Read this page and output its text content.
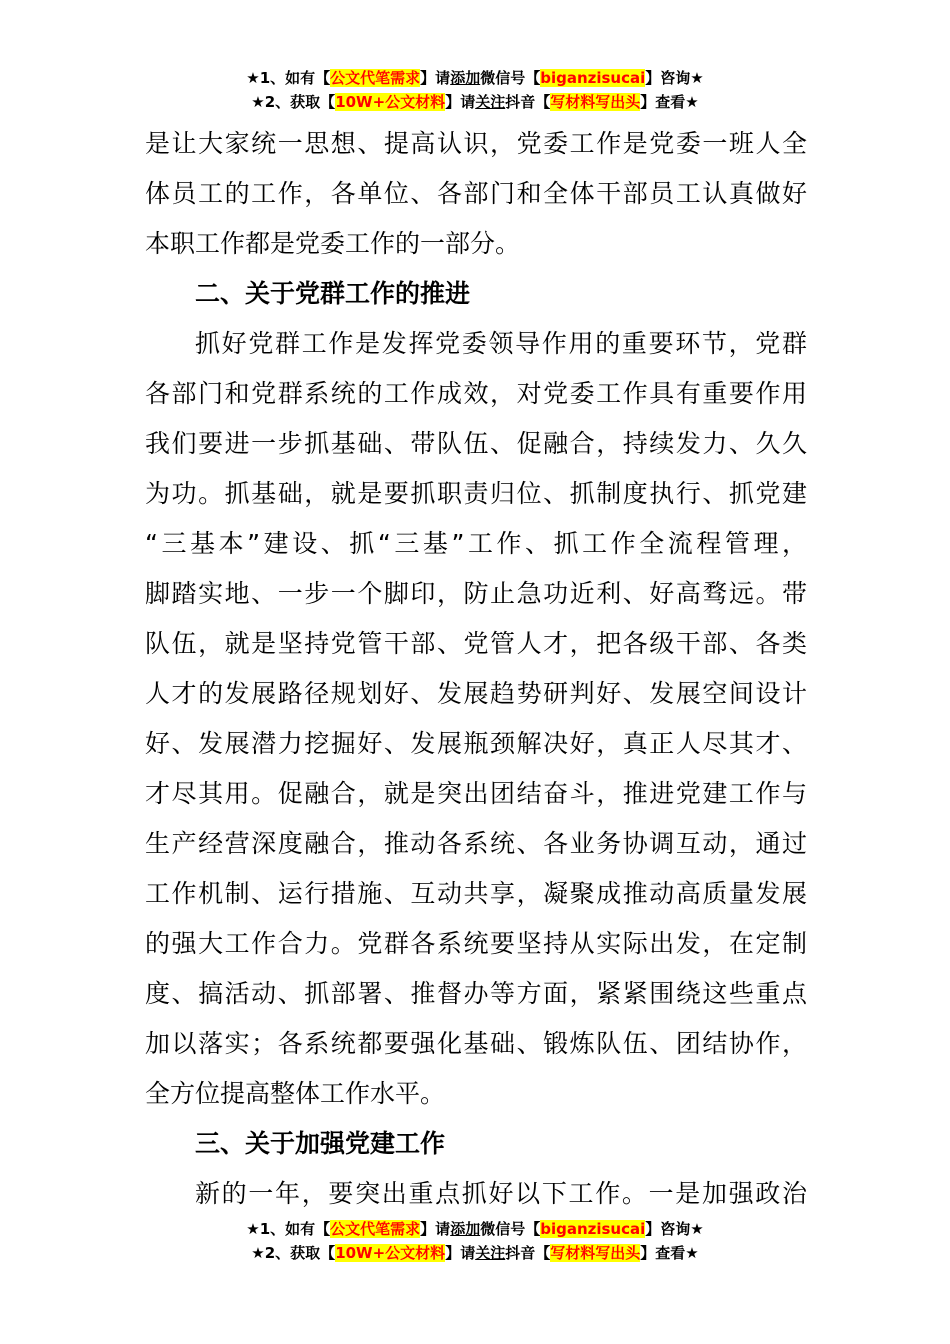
★1、如有【公文代笔需求】请添加微信号【biganzisucai】咨询★
★2、获取【10W+公文材料】请关注抖音【写材料写出头】查看★
是让大家统一思想、提高认识，党委工作是党委一班人全
体员工的工作，各单位、各部门和全体干部员工认真做好
本职工作都是党委工作的一部分。
二、关于党群工作的推进
抓好党群工作是发挥党委领导作用的重要环节，党群
各部门和党群系统的工作成效，对党委工作具有重要作用
我们要进一步抓基础、带队伍、促融合，持续发力、久久
为功。抓基础，就是要抓职责归位、抓制度执行、抓党建
“三基本”建设、抓“三基”工作、抓工作全流程管理，
脚踏实地、一步一个脚印，防止急功近利、好高骛远。带
队伍，就是坚持党管干部、党管人才，把各级干部、各类
人才的发展路径规划好、发展趋势研判好、发展空间设计
好、发展潜力挖掘好、发展瓶颈解决好，真正人尽其才、
才尽其用。促融合，就是突出团结奋斗，推进党建工作与
生产经营深度融合，推动各系统、各业务协调互动，通过
工作机制、运行措施、互动共享，凝聚成推动高质量发展
的强大工作合力。党群各系统要坚持从实际出发，在定制
度、搞活动、抓部署、推督办等方面，紧紧围绕这些重点
加以落实；各系统都要强化基础、锻炼队伍、团结协作，
全方位提高整体工作水平。
三、关于加强党建工作
新的一年，要突出重点抓好以下工作。一是加强政治
★1、如有【公文代笔需求】请添加微信号【biganzisucai】咨询★
★2、获取【10W+公文材料】请关注抖音【写材料写出头】查看★
